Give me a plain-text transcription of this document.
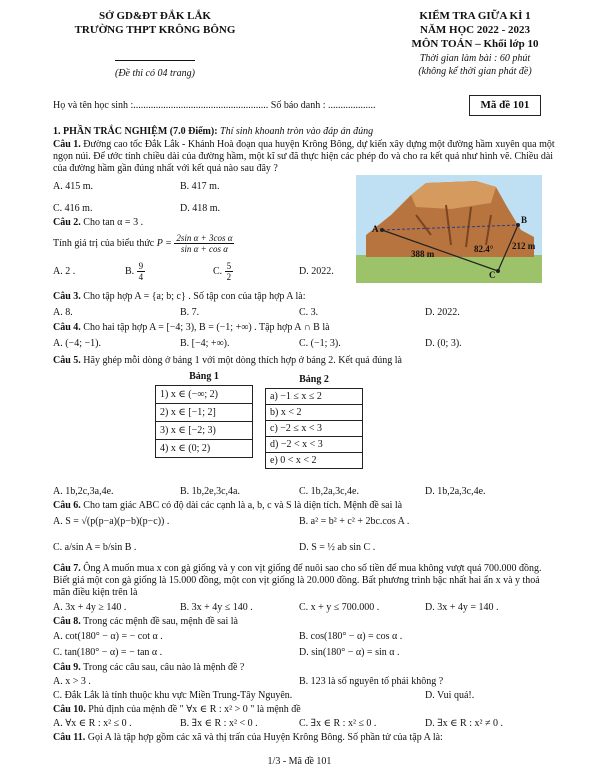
SỞ GD&ĐT ĐẮK LẮK
TRƯỜNG THPT KRÔNG BÔNG
(Đề thi có 04 trang)
KIỂM TRA GIỮA KÌ 1
NĂM HỌC 2022 - 2023
MÔN TOÁN – Khối lớp 10
Thời gian làm bài : 60 phút
(không kể thời gian phát đề)
Họ và tên học sinh :...................................................... Số báo danh : ...................	Mã đề 101
1. PHẦN TRẮC NGHIỆM (7.0 Điểm): Thí sinh khoanh tròn vào đáp án đúng
Câu 1. Đường cao tốc Đắk Lắk - Khánh Hoà đoạn qua huyện Krông Bông, dự kiến xây dựng một đường hầm xuyên qua một ngọn núi. Để ước tính chiều dài của đường hầm, một kĩ sư đã thực hiện các phép đo và cho ra kết quả như hình vẽ. Chiều dài của đường hầm gần đúng nhất với kết quả nào sau đây ?
A. 415 m.	B. 417 m.
C. 416 m.	D. 418 m.
A
B
C
388 m	82.4° 212 m
Câu 2. Cho tan α = 3 .
Tính giá trị của biểu thức $P = \frac{\text{2sin α + 3cos α}}{\text{sin α + cos α}}$
A. 2 .	B. $\frac{9}{4}$	C. $\frac{5}{2}$	D. 2022.
Câu 3. Cho tập hợp A = {a; b; c} . Số tập con của tập hợp A là:
A. 8.	B. 7.	C. 3.	D. 2022.
Câu 4. Cho hai tập hợp A = [−4; 3), B = (−1; +∞) . Tập hợp A ∩ B là
A. (−4; −1).	B. [−4; +∞).	C. (−1; 3).	D. (0; 3).
Câu 5. Hãy ghép mỗi dòng ở bảng 1 với một dòng thích hợp ở bảng 2. Kết quả đúng là
Bảng 1
1) x ∈ (−∞; 2)
2) x ∈ [−1; 2]
3) x ∈ [−2; 3)
4) x ∈ (0; 2)
Bảng 2
a) −1 ≤ x ≤ 2
b) x < 2
c) −2 ≤ x < 3
d) −2 < x < 3
e) 0 < x < 2
A. 1b,2c,3a,4e.	B. 1b,2e,3c,4a.	C. 1b,2a,3c,4e.	D. 1b,2a,3c,4e.
Câu 6. Cho tam giác ABC có độ dài các cạnh là a, b, c và S là diện tích. Mệnh đề sai là
A. S = √(p(p−a)(p−b)(p−c)) .	B. a² = b² + c² + 2bc.cos A .
C. a/sin A = b/sin B .	D. S = ½ ab sin C .
Câu 7. Ông A muốn mua x con gà giống và y con vịt giống để nuôi sao cho số tiền để mua không vượt quá 700.000 đồng. Biết giá một con gà giống là 15.000 đồng, một con vịt giống là 20.000 đồng. Bất phương trình bậc nhất hai ẩn x và y thoả mãn điều kiện trên là
A. 3x + 4y ≥ 140 .	B. 3x + 4y ≤ 140 .	C. x + y ≤ 700.000 .	D. 3x + 4y = 140 .
Câu 8. Trong các mệnh đề sau, mệnh đề sai là
A. cot(180° − α) = − cot α .	B. cos(180° − α) = cos α .
C. tan(180° − α) = − tan α .	D. sin(180° − α) = sin α .
Câu 9. Trong các câu sau, câu nào là mệnh đề ?
A. x > 3 .	B. 123 là số nguyên tố phải không ?
C. Đắk Lắk là tỉnh thuộc khu vực Miền Trung-Tây Nguyên.	D. Vui quá!.
Câu 10. Phủ định của mệnh đề " ∀x ∈ R : x² > 0 " là mệnh đề
A. ∀x ∈ R : x² ≤ 0 .	B. ∃x ∈ R : x² < 0 .	C. ∃x ∈ R : x² ≤ 0 .	D. ∃x ∈ R : x² ≠ 0 .
Câu 11. Gọi A là tập hợp gồm các xã và thị trấn của Huyện Krông Bông. Số phần tử của tập A là:
1/3 - Mã đề 101
